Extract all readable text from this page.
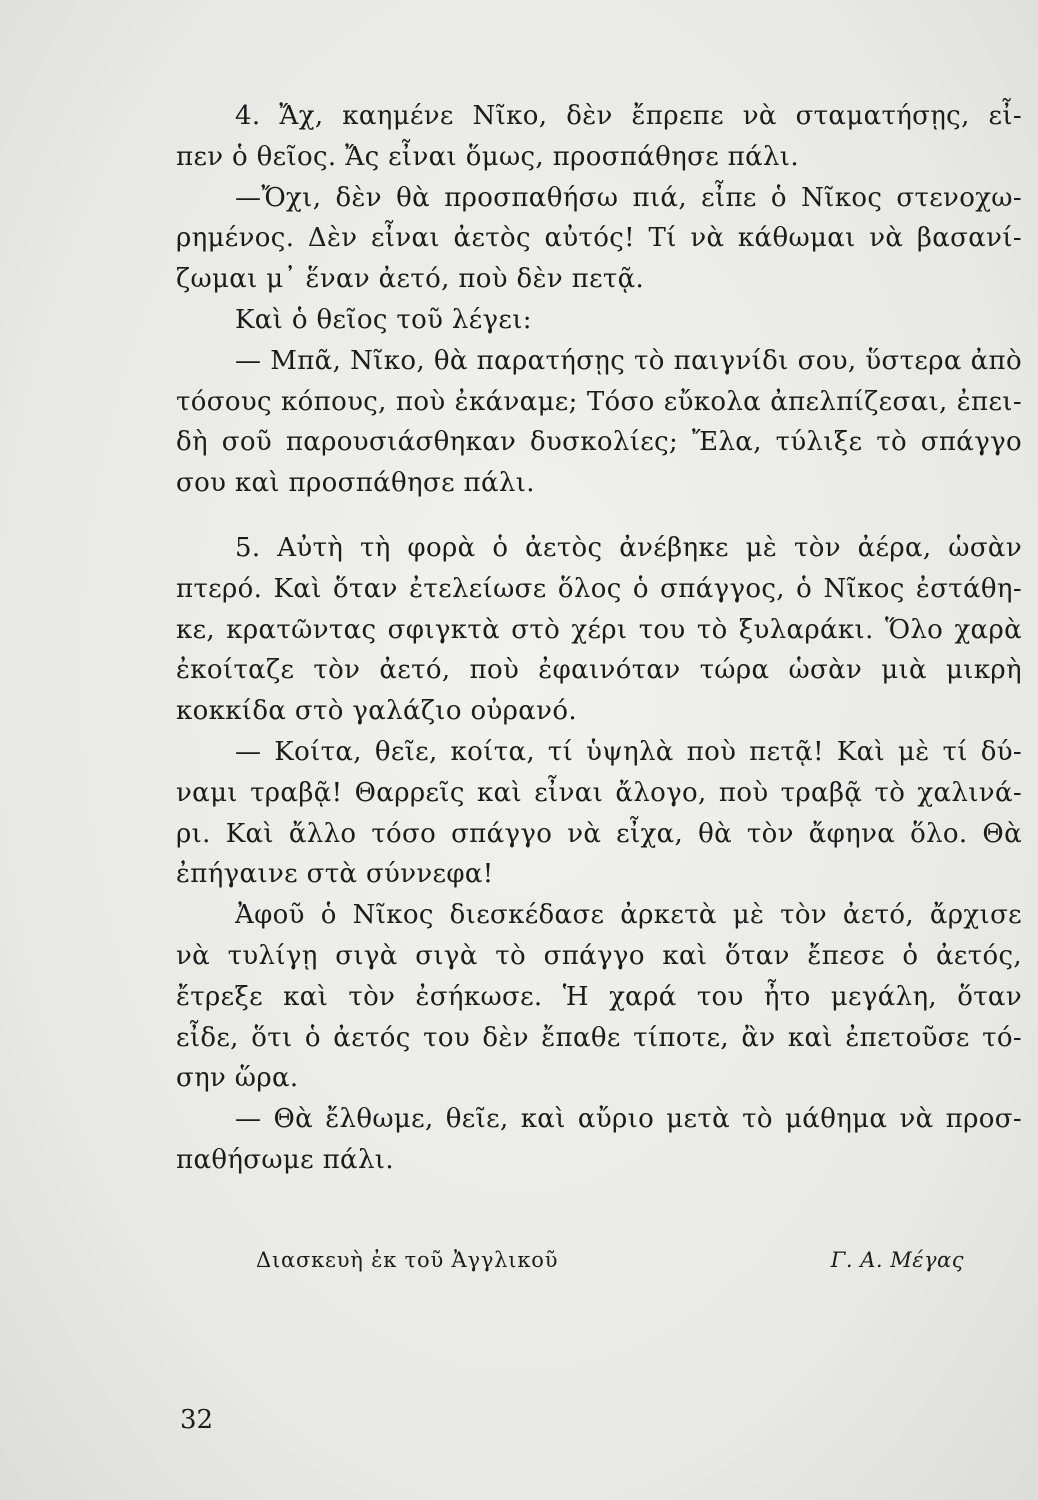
4. Ἄχ, καημένε Νῖκο, δὲν ἔπρεπε νὰ σταματήσῃς, εἶ-
πεν ὁ θεῖος. Ἄς εἶναι ὅμως, προσπάθησε πάλι.
—Ὄχι, δὲν θὰ προσπαθήσω πιά, εἶπε ὁ Νῖκος στενοχω-
ρημένος. Δὲν εἶναι ἀετὸς αὐτός! Τί νὰ κάθωμαι νὰ βασανί-
ζωμαι μ᾿ ἕναν ἀετό, ποὺ δὲν πετᾷ.
Καὶ ὁ θεῖος τοῦ λέγει:
— Μπᾶ, Νῖκο, θὰ παρατήσῃς τὸ παιγνίδι σου, ὕστερα ἀπὸ
τόσους κόπους, ποὺ ἐκάναμε; Τόσο εὔκολα ἀπελπίζεσαι, ἐπει-
δὴ σοῦ παρουσιάσθηκαν δυσκολίες; Ἔλα, τύλιξε τὸ σπάγγο
σου καὶ προσπάθησε πάλι.
5. Αὐτὴ τὴ φορὰ ὁ ἀετὸς ἀνέβηκε μὲ τὸν ἀέρα, ὡσὰν
πτερό. Καὶ ὅταν ἐτελείωσε ὅλος ὁ σπάγγος, ὁ Νῖκος ἐστάθη-
κε, κρατῶντας σφιγκτὰ στὸ χέρι του τὸ ξυλαράκι. Ὅλο χαρὰ
ἐκοίταζε τὸν ἀετό, ποὺ ἐφαινόταν τώρα ὡσὰν μιὰ μικρὴ
κοκκίδα στὸ γαλάζιο οὐρανό.
— Κοίτα, θεῖε, κοίτα, τί ὑψηλὰ ποὺ πετᾷ! Καὶ μὲ τί δύ-
ναμι τραβᾷ! Θαρρεῖς καὶ εἶναι ἄλογο, ποὺ τραβᾷ τὸ χαλινά-
ρι. Καὶ ἄλλο τόσο σπάγγο νὰ εἶχα, θὰ τὸν ἄφηνα ὅλο. Θὰ
ἐπήγαινε στὰ σύννεφα!
Ἀφοῦ ὁ Νῖκος διεσκέδασε ἀρκετὰ μὲ τὸν ἀετό, ἄρχισε
νὰ τυλίγῃ σιγὰ σιγὰ τὸ σπάγγο καὶ ὅταν ἔπεσε ὁ ἀετός,
ἔτρεξε καὶ τὸν ἐσήκωσε. Ἡ χαρά του ἦτο μεγάλη, ὅταν
εἶδε, ὅτι ὁ ἀετός του δὲν ἔπαθε τίποτε, ἂν καὶ ἐπετοῦσε τό-
σην ὥρα.
— Θὰ ἔλθωμε, θεῖε, καὶ αὔριο μετὰ τὸ μάθημα νὰ προσ-
παθήσωμε πάλι.
Διασκευὴ ἐκ τοῦ Ἀγγλικοῦ	Γ. Α. Μέγας
32
